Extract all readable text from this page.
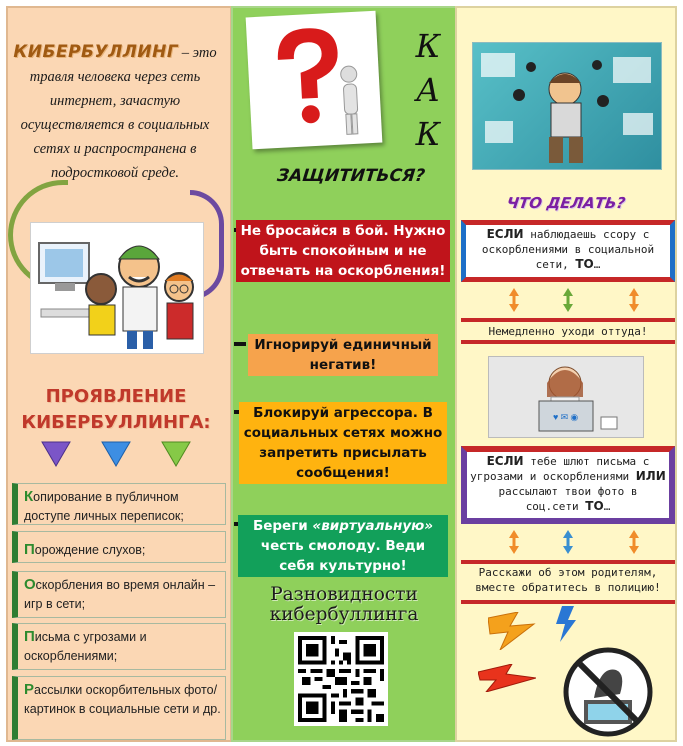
КИБЕРБУЛЛИНГ – это травля человека через сеть интернет, зачастую осуществляется в социальных сетях и распространена в подростковой среде.
ПРОЯВЛЕНИЕ
КИБЕРБУЛЛИНГА:
Копирование в публичном доступе личных переписок;
Порождение слухов;
Оскорбления во время онлайн – игр в сети;
Письма с угрозами и оскорблениями;
Рассылки оскорбительных фото/картинок в социальные сети и др.
К
А
К
ЗАЩИТИТЬСЯ?
Не бросайся в бой. Нужно быть спокойным и не отвечать на оскорбления!
Игнорируй единичный негатив!
Блокируй агрессора. В социальных сетях можно запретить присылать сообщения!
Береги «виртуальную» честь смолоду. Веди себя культурно!
Разновидности
кибербуллинга
ЧТО ДЕЛАТЬ?
ЕСЛИ наблюдаешь ссору с оскорблениями в социальной сети, ТО…
Немедленно уходи оттуда!
♥ ✉ ◉
ЕСЛИ тебе шлют письма с угрозами и оскорблениями ИЛИ рассылают твои фото в соц.сети ТО…
Расскажи об этом родителям, вместе обратитесь в полицию!
